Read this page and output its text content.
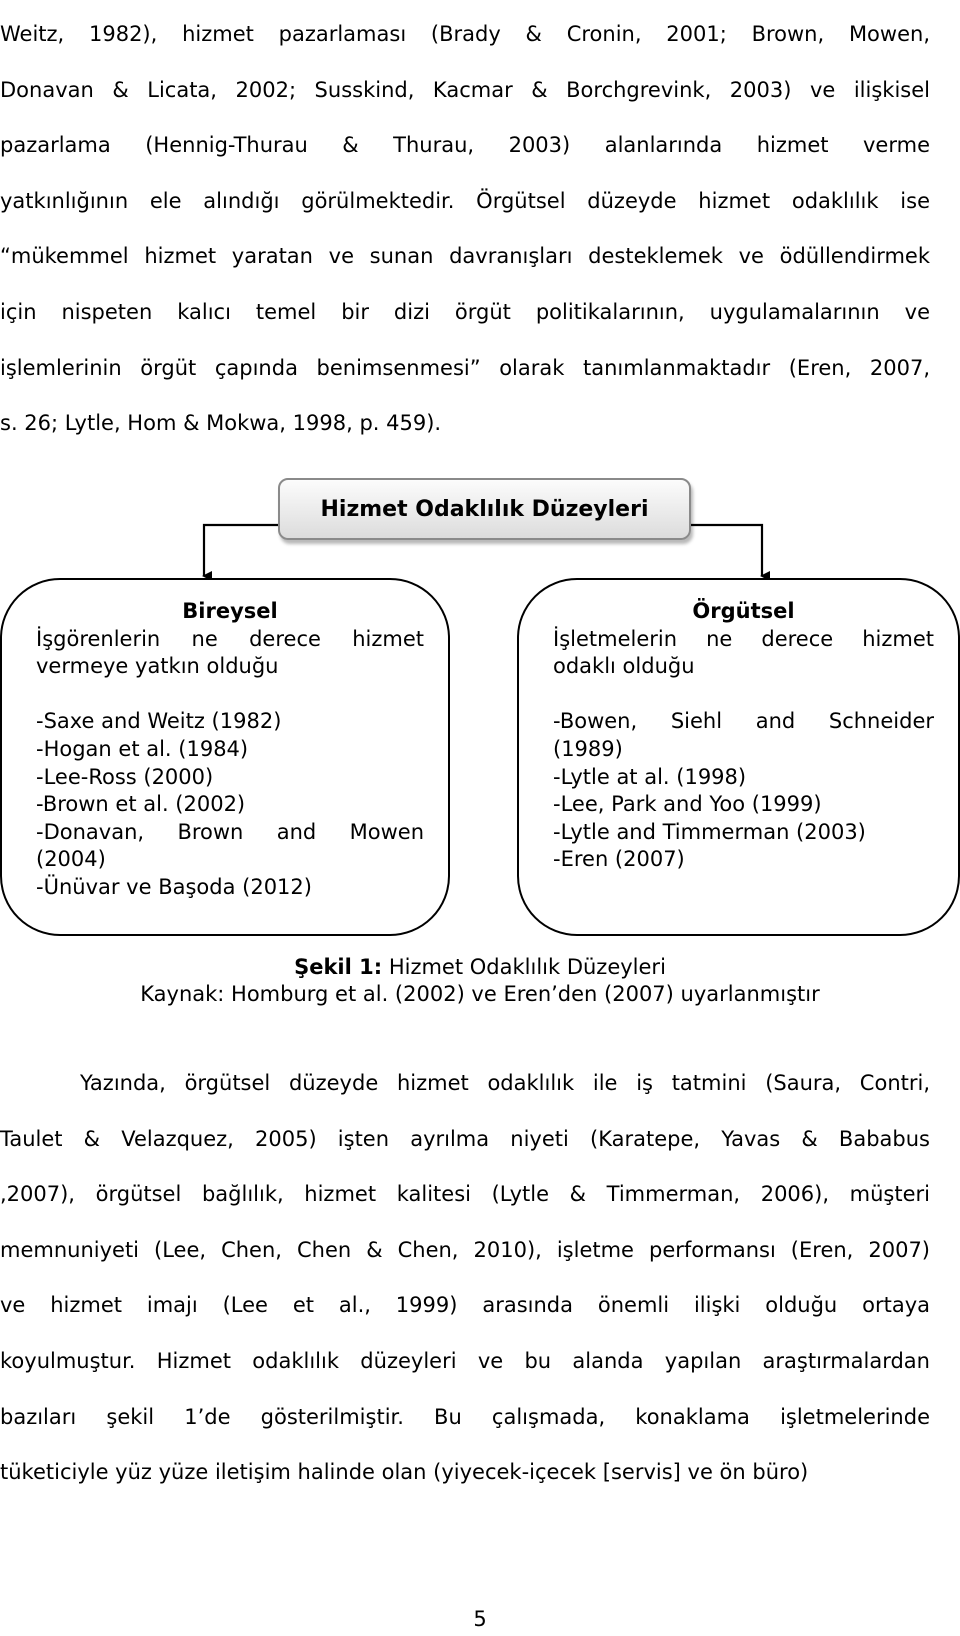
Weitz, 1982), hizmet pazarlaması (Brady & Cronin, 2001; Brown, Mowen,
Donavan & Licata, 2002; Susskind, Kacmar & Borchgrevink, 2003) ve ilişkisel
pazarlama (Hennig-Thurau & Thurau, 2003) alanlarında hizmet verme
yatkınlığının ele alındığı görülmektedir. Örgütsel düzeyde hizmet odaklılık ise
“mükemmel hizmet yaratan ve sunan davranışları desteklemek ve ödüllendirmek
için nispeten kalıcı temel bir dizi örgüt politikalarının, uygulamalarının ve
işlemlerinin örgüt çapında benimsenmesi” olarak tanımlanmaktadır (Eren, 2007,
s. 26; Lytle, Hom & Mokwa, 1998, p. 459).
Hizmet Odaklılık Düzeyleri
Bireysel
İşgörenlerin ne derece hizmet
vermeye yatkın olduğu
-Saxe and Weitz (1982)
-Hogan et al. (1984)
-Lee-Ross (2000)
-Brown et al. (2002)
-Donavan, Brown and Mowen
(2004)
-Ünüvar ve Başoda (2012)
Örgütsel
İşletmelerin ne derece hizmet
odaklı olduğu
-Bowen, Siehl and Schneider
(1989)
-Lytle at al. (1998)
-Lee, Park and Yoo (1999)
-Lytle and Timmerman (2003)
-Eren (2007)
Şekil 1: Hizmet Odaklılık Düzeyleri
Kaynak: Homburg et al. (2002) ve Eren’den (2007) uyarlanmıştır
Yazında, örgütsel düzeyde hizmet odaklılık ile iş tatmini (Saura, Contri,
Taulet & Velazquez, 2005) işten ayrılma niyeti (Karatepe, Yavas & Bababus
,2007), örgütsel bağlılık, hizmet kalitesi (Lytle & Timmerman, 2006), müşteri
memnuniyeti (Lee, Chen, Chen & Chen, 2010), işletme performansı (Eren, 2007)
ve hizmet imajı (Lee et al., 1999) arasında önemli ilişki olduğu ortaya
koyulmuştur. Hizmet odaklılık düzeyleri ve bu alanda yapılan araştırmalardan
bazıları şekil 1’de gösterilmiştir. Bu çalışmada, konaklama işletmelerinde
tüketiciyle yüz yüze iletişim halinde olan (yiyecek-içecek [servis] ve ön büro)
5
